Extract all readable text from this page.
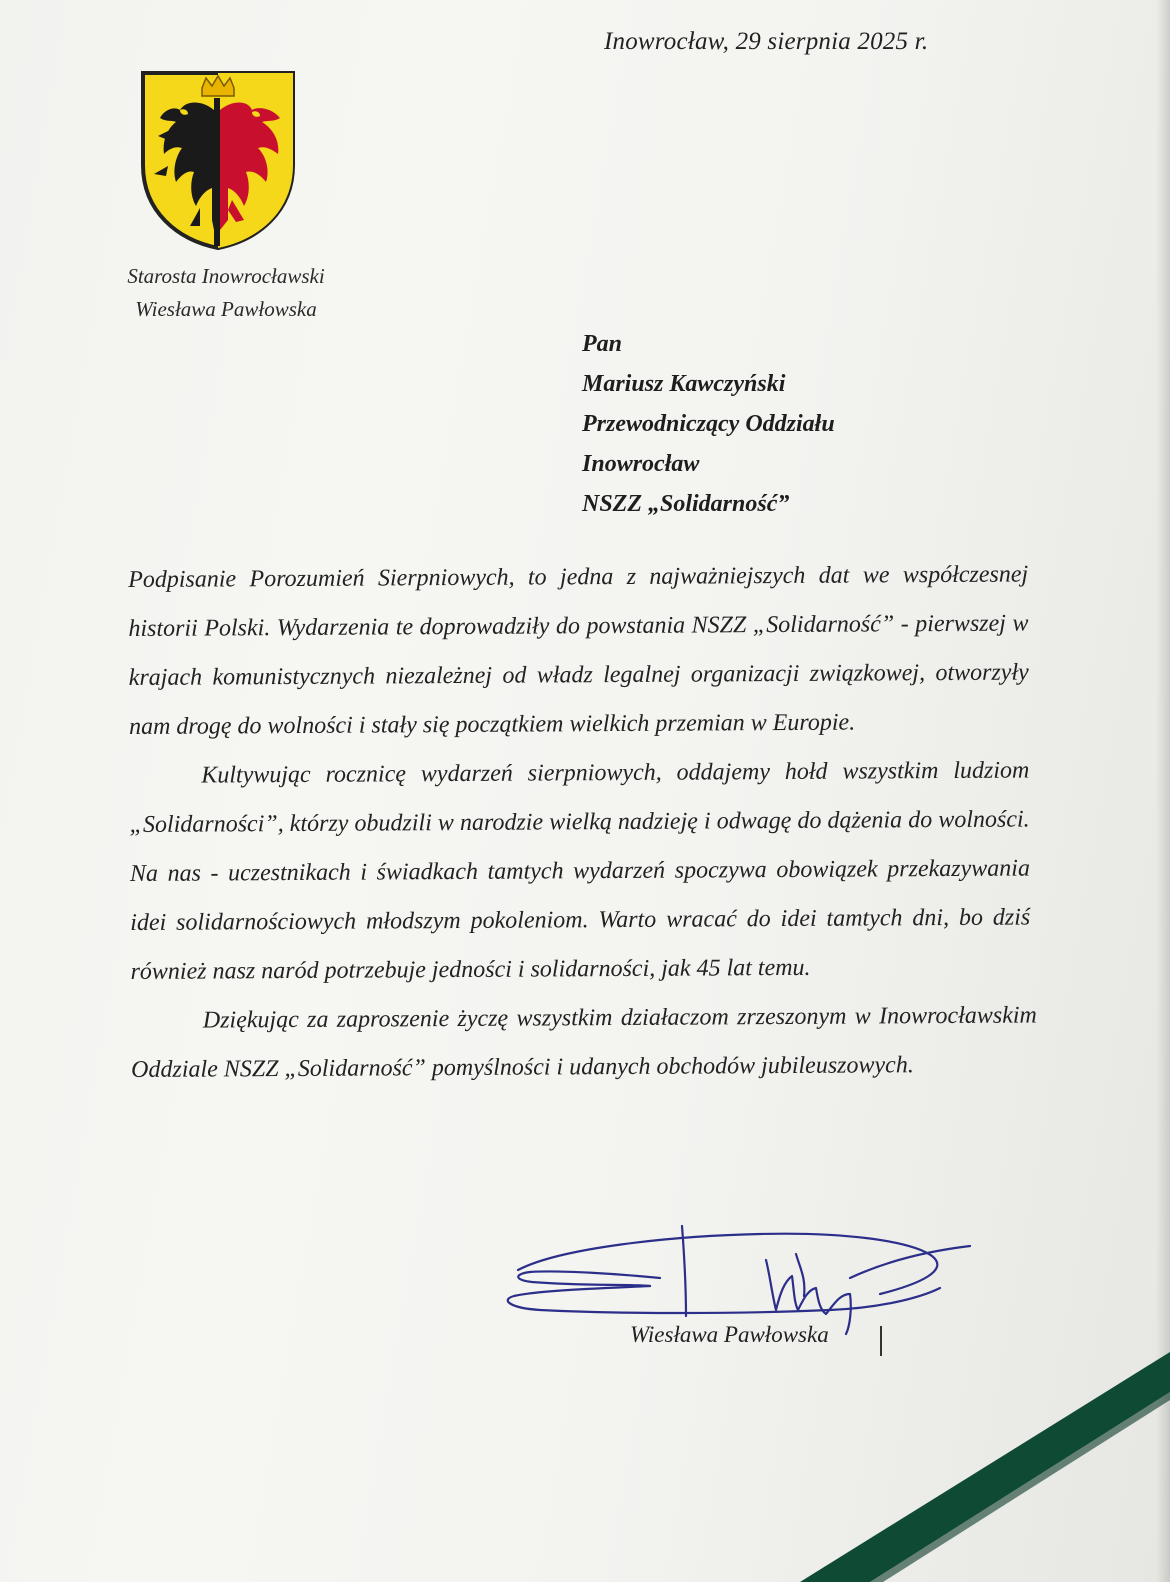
Inowrocław, 29 sierpnia 2025 r.
Starosta Inowrocławski
Wiesława Pawłowska
Pan
Mariusz Kawczyński
Przewodniczący Oddziału
Inowrocław
NSZZ „Solidarność”

Podpisanie Porozumień Sierpniowych, to jedna z najważniejszych dat we współczesnej historii Polski. Wydarzenia te doprowadziły do powstania NSZZ „Solidarność” - pierwszej w krajach komunistycznych niezależnej od władz legalnej organizacji związkowej, otworzyły nam drogę do wolności i stały się początkiem wielkich przemian w Europie.

Kultywując rocznicę wydarzeń sierpniowych, oddajemy hołd wszystkim ludziom „Solidarności”, którzy obudzili w narodzie wielką nadzieję i odwagę do dążenia do wolności. Na nas - uczestnikach i świadkach tamtych wydarzeń spoczywa obowiązek przekazywania idei solidarnościowych młodszym pokoleniom. Warto wracać do idei tamtych dni, bo dziś również nasz naród potrzebuje jedności i solidarności, jak 45 lat temu.

Dziękując za zaproszenie życzę wszystkim działaczom zrzeszonym w Inowrocławskim Oddziale NSZZ „Solidarność” pomyślności i udanych obchodów jubileuszowych.

Wiesława Pawłowska
